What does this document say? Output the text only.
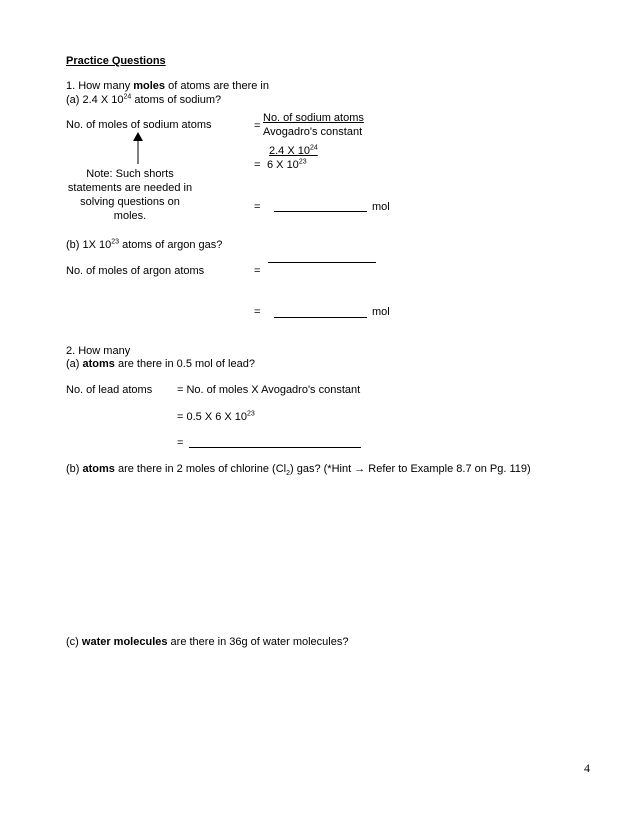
Practice Questions
1. How many moles of atoms are there in
(a) 2.4 X $10^{24}$ atoms of sodium?
No. of moles of sodium atoms	=
No. of sodium atoms
Avogadro's constant
2.4 X $10^{24}$
= 6 X $10^{23}$
Note: Such shorts statements are needed in solving questions on moles.
=	mol
(b) 1X $10^{23}$ atoms of argon gas?
No. of moles of argon atoms	=
=	mol
2. How many
(a) atoms are there in 0.5 mol of lead?
No. of lead atoms = No. of moles X Avogadro's constant
= 0.5 X 6 X $10^{23}$
=
(b) atoms are there in 2 moles of chlorine $(Cl_2)$ gas? (*Hint → Refer to Example 8.7 on Pg. 119)
(c) water molecules are there in 36g of water molecules?
4
